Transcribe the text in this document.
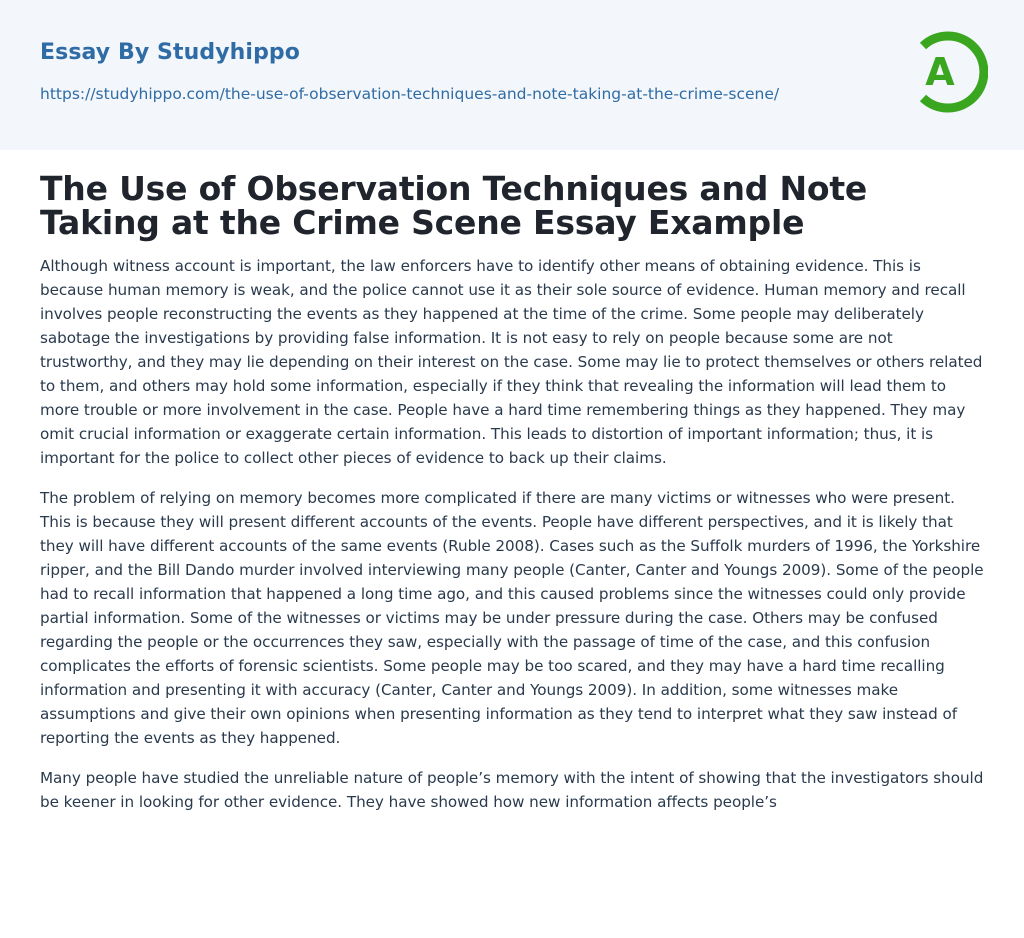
Essay By Studyhippo
https://studyhippo.com/the-use-of-observation-techniques-and-note-taking-at-the-crime-scene/	A
The Use of Observation Techniques and Note Taking at the Crime Scene Essay Example

Although witness account is important, the law enforcers have to identify other means of obtaining evidence. This is because human memory is weak, and the police cannot use it as their sole source of evidence. Human memory and recall involves people reconstructing the events as they happened at the time of the crime. Some people may deliberately sabotage the investigations by providing false information. It is not easy to rely on people because some are not trustworthy, and they may lie depending on their interest on the case. Some may lie to protect themselves or others related to them, and others may hold some information, especially if they think that revealing the information will lead them to more trouble or more involvement in the case. People have a hard time remembering things as they happened. They may omit crucial information or exaggerate certain information. This leads to distortion of important information; thus, it is important for the police to collect other pieces of evidence to back up their claims.

The problem of relying on memory becomes more complicated if there are many victims or witnesses who were present. This is because they will present different accounts of the events. People have different perspectives, and it is likely that they will have different accounts of the same events (Ruble 2008). Cases such as the Suffolk murders of 1996, the Yorkshire ripper, and the Bill Dando murder involved interviewing many people (Canter, Canter and Youngs 2009). Some of the people had to recall information that happened a long time ago, and this caused problems since the witnesses could only provide partial information. Some of the witnesses or victims may be under pressure during the case. Others may be confused regarding the people or the occurrences they saw, especially with the passage of time of the case, and this confusion complicates the efforts of forensic scientists. Some people may be too scared, and they may have a hard time recalling information and presenting it with accuracy (Canter, Canter and Youngs 2009). In addition, some witnesses make assumptions and give their own opinions when presenting information as they tend to interpret what they saw instead of reporting the events as they happened.

Many people have studied the unreliable nature of people’s memory with the intent of showing that the investigators should be keener in looking for other evidence. They have showed how new information affects people’s
